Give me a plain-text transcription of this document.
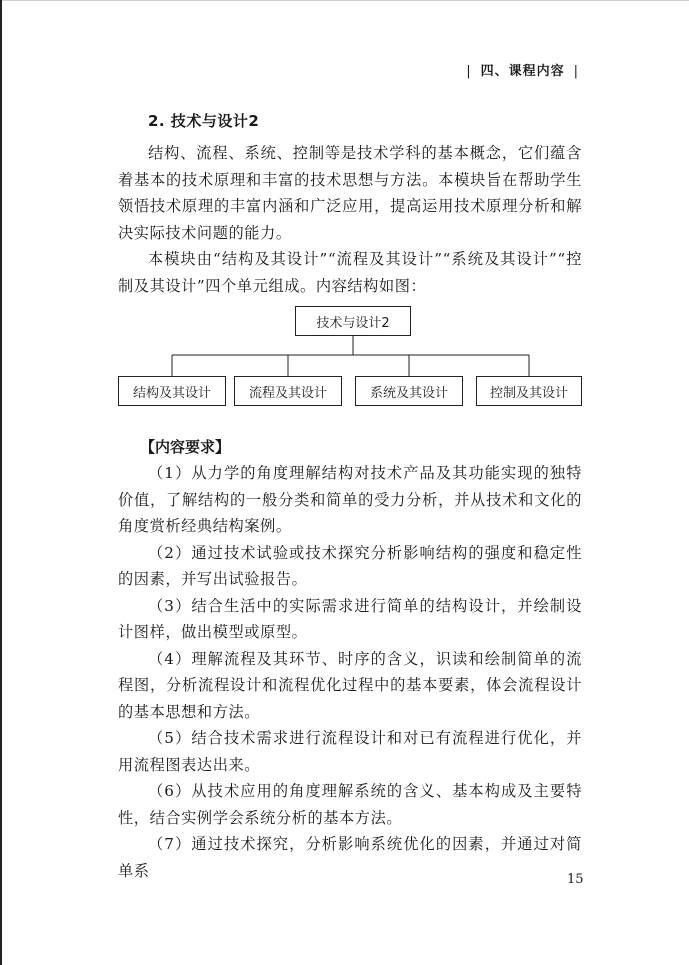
| 四、课程内容 |
2. 技术与设计2

结构、流程、系统、控制等是技术学科的基本概念，它们蕴含着基本的技术原理和丰富的技术思想与方法。本模块旨在帮助学生领悟技术原理的丰富内涵和广泛应用，提高运用技术原理分析和解决实际技术问题的能力。

本模块由“结构及其设计”“流程及其设计”“系统及其设计”“控制及其设计”四个单元组成。内容结构如图：

技术与设计2
结构及其设计	流程及其设计	系统及其设计	控制及其设计
【内容要求】

（1）从力学的角度理解结构对技术产品及其功能实现的独特价值，了解结构的一般分类和简单的受力分析，并从技术和文化的角度赏析经典结构案例。

（2）通过技术试验或技术探究分析影响结构的强度和稳定性的因素，并写出试验报告。

（3）结合生活中的实际需求进行简单的结构设计，并绘制设计图样，做出模型或原型。

（4）理解流程及其环节、时序的含义，识读和绘制简单的流程图，分析流程设计和流程优化过程中的基本要素，体会流程设计的基本思想和方法。

（5）结合技术需求进行流程设计和对已有流程进行优化，并用流程图表达出来。

（6）从技术应用的角度理解系统的含义、基本构成及主要特性，结合实例学会系统分析的基本方法。

（7）通过技术探究，分析影响系统优化的因素，并通过对简单系	15
